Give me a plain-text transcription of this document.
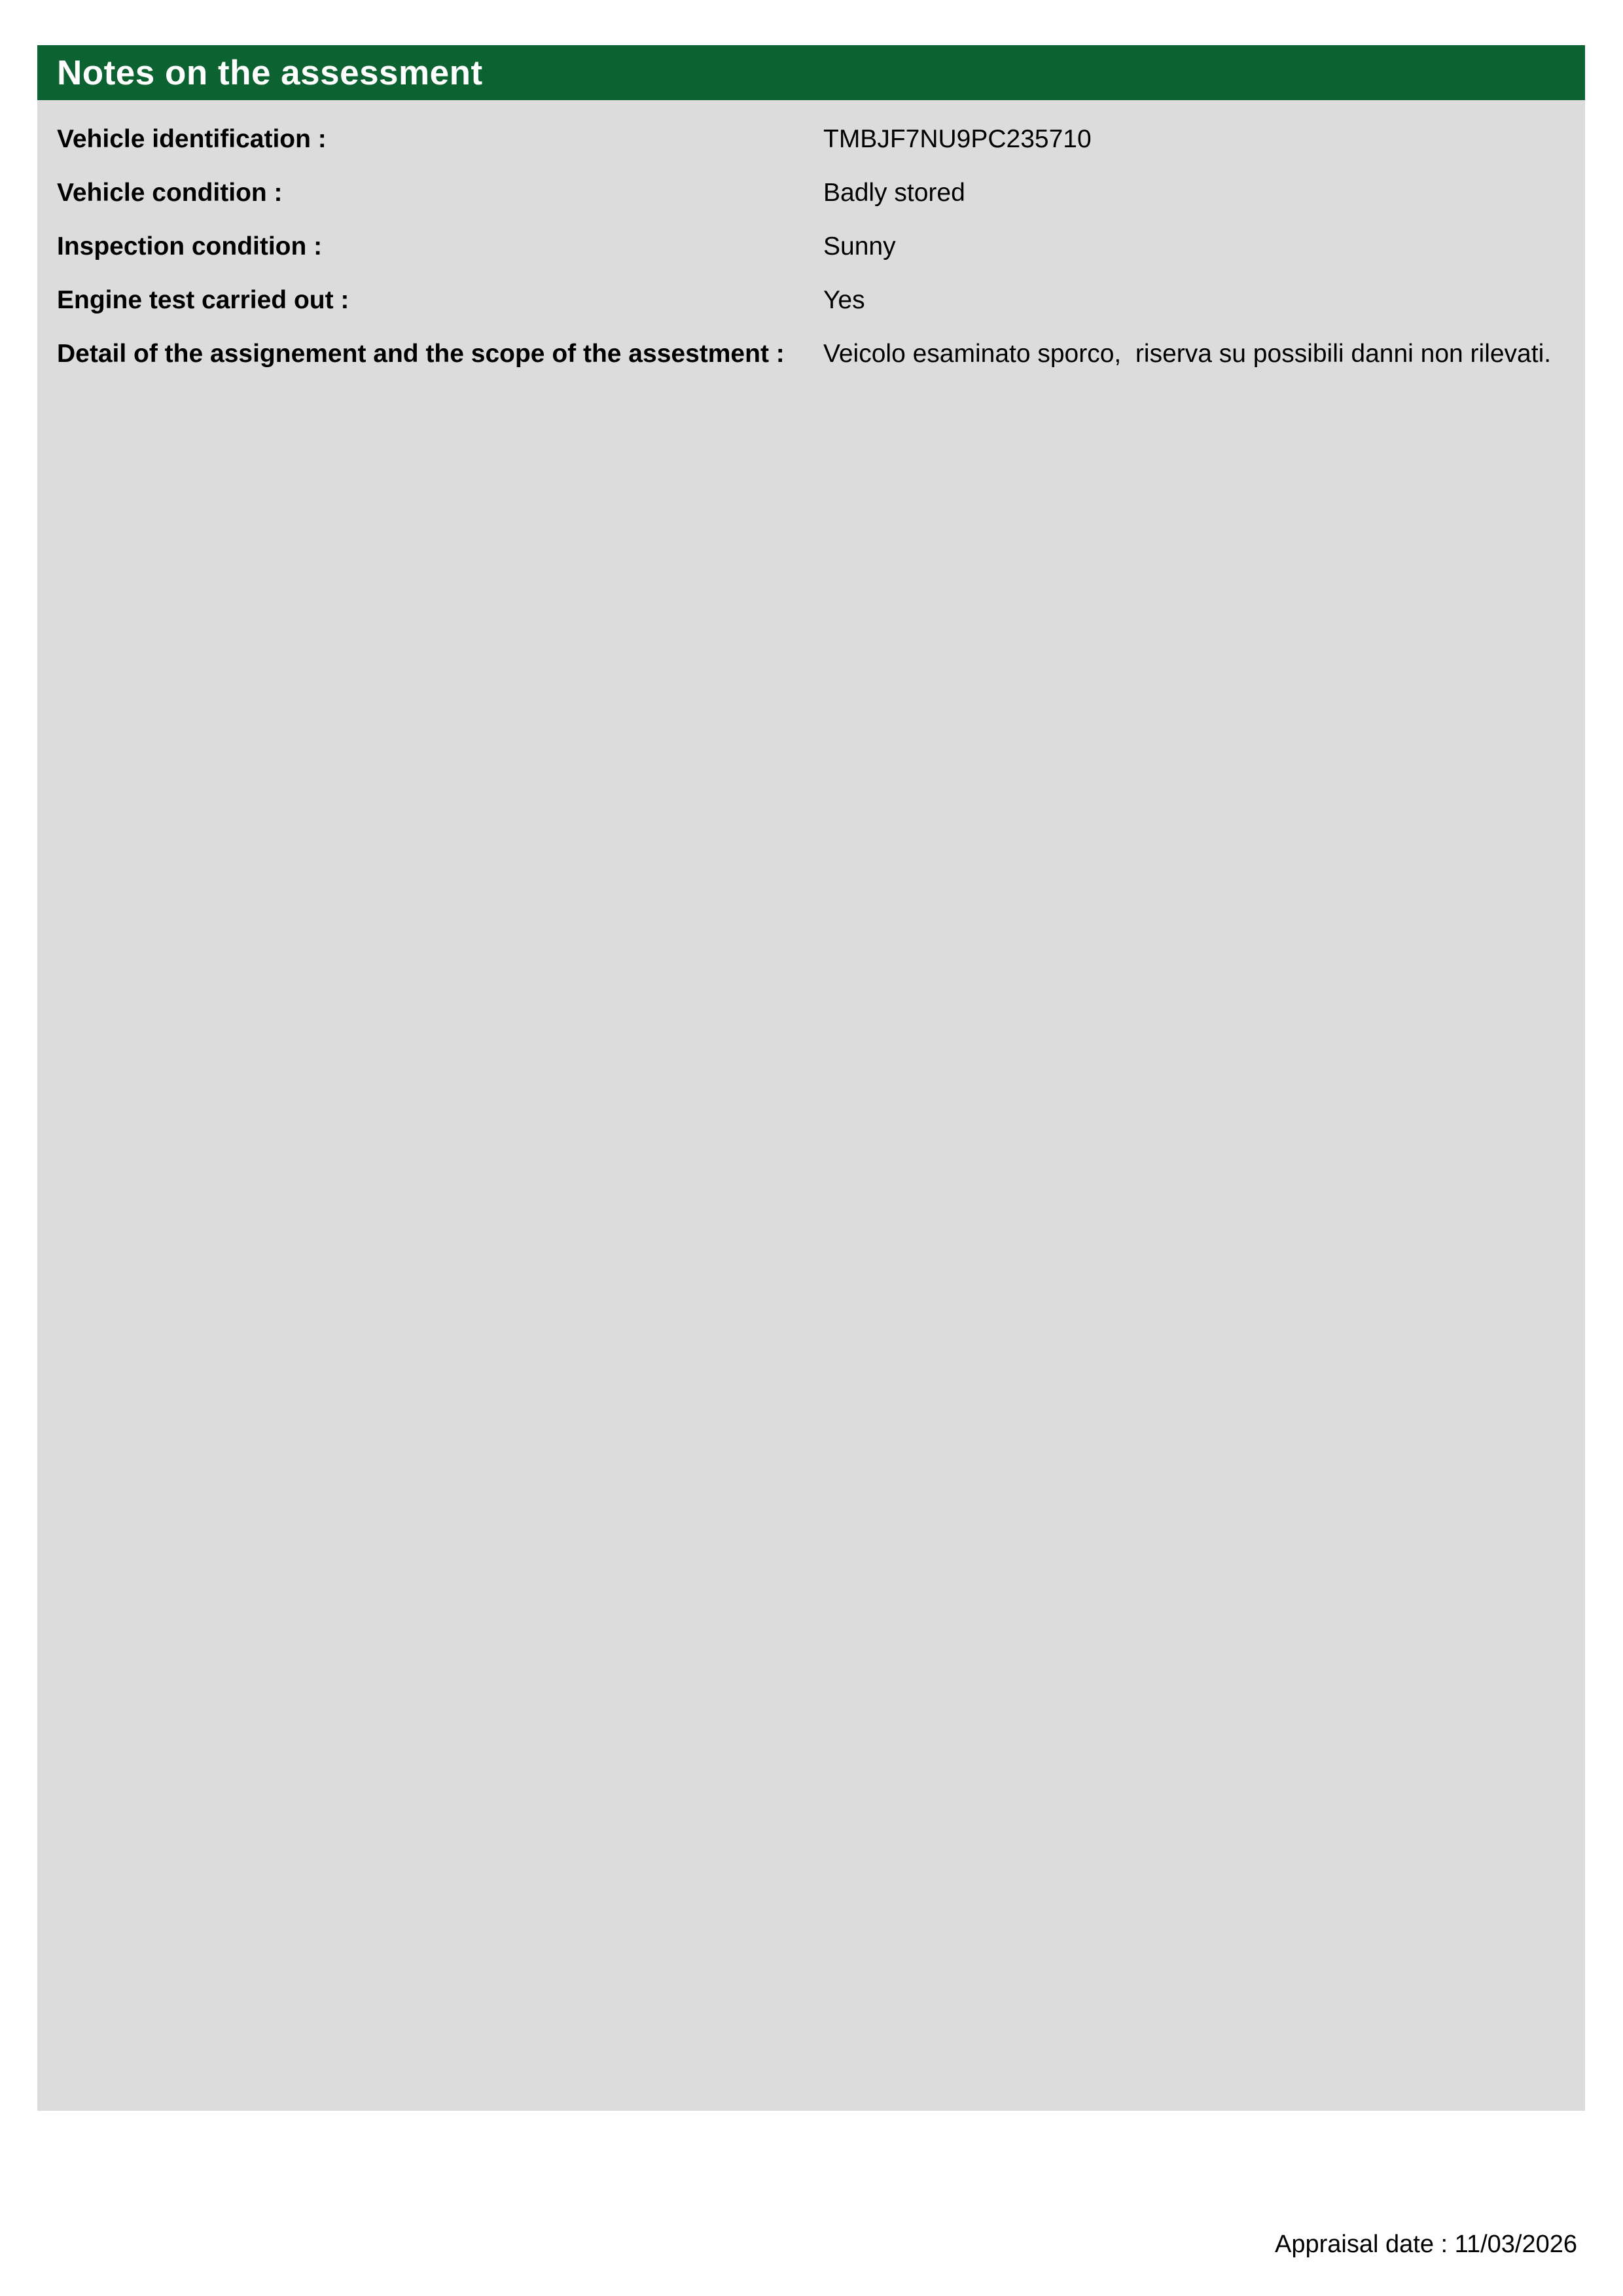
Notes on the assessment
Vehicle identification :	TMBJF7NU9PC235710
Vehicle condition :	Badly stored
Inspection condition :	Sunny
Engine test carried out :	Yes
Detail of the assignement and the scope of the assestment :	Veicolo esaminato sporco,  riserva su possibili danni non rilevati.
Appraisal date : 11/03/2026
